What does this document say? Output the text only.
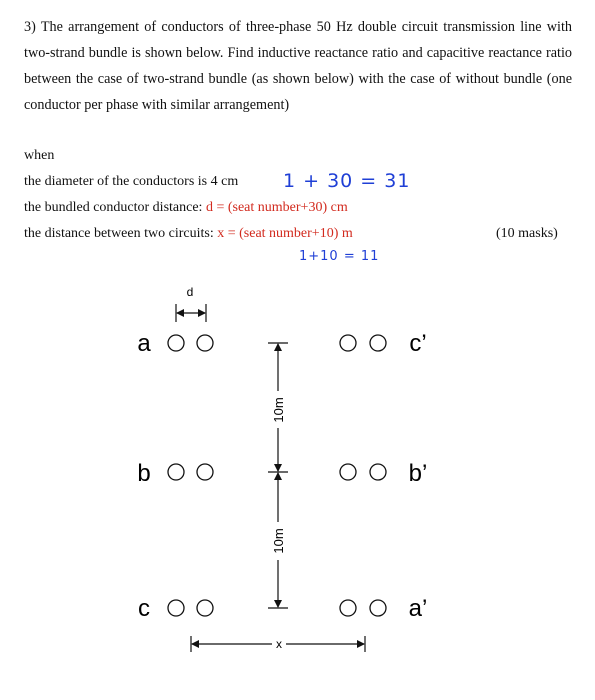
3) The arrangement of conductors of three-phase 50 Hz double circuit transmission line with two-strand bundle is shown below. Find inductive reactance ratio and capacitive reactance ratio between the case of two-strand bundle (as shown below) with the case of without bundle (one conductor per phase with similar arrangement)
when
the diameter of the conductors is 4 cm
the bundled conductor distance: d = (seat number+30) cm
the distance between two circuits: x = (seat number+10) m	(10 masks)
1 + 30 = 31
1+10 = 11
d
a
b
c
c’
b’
a’
10m
10m
x
